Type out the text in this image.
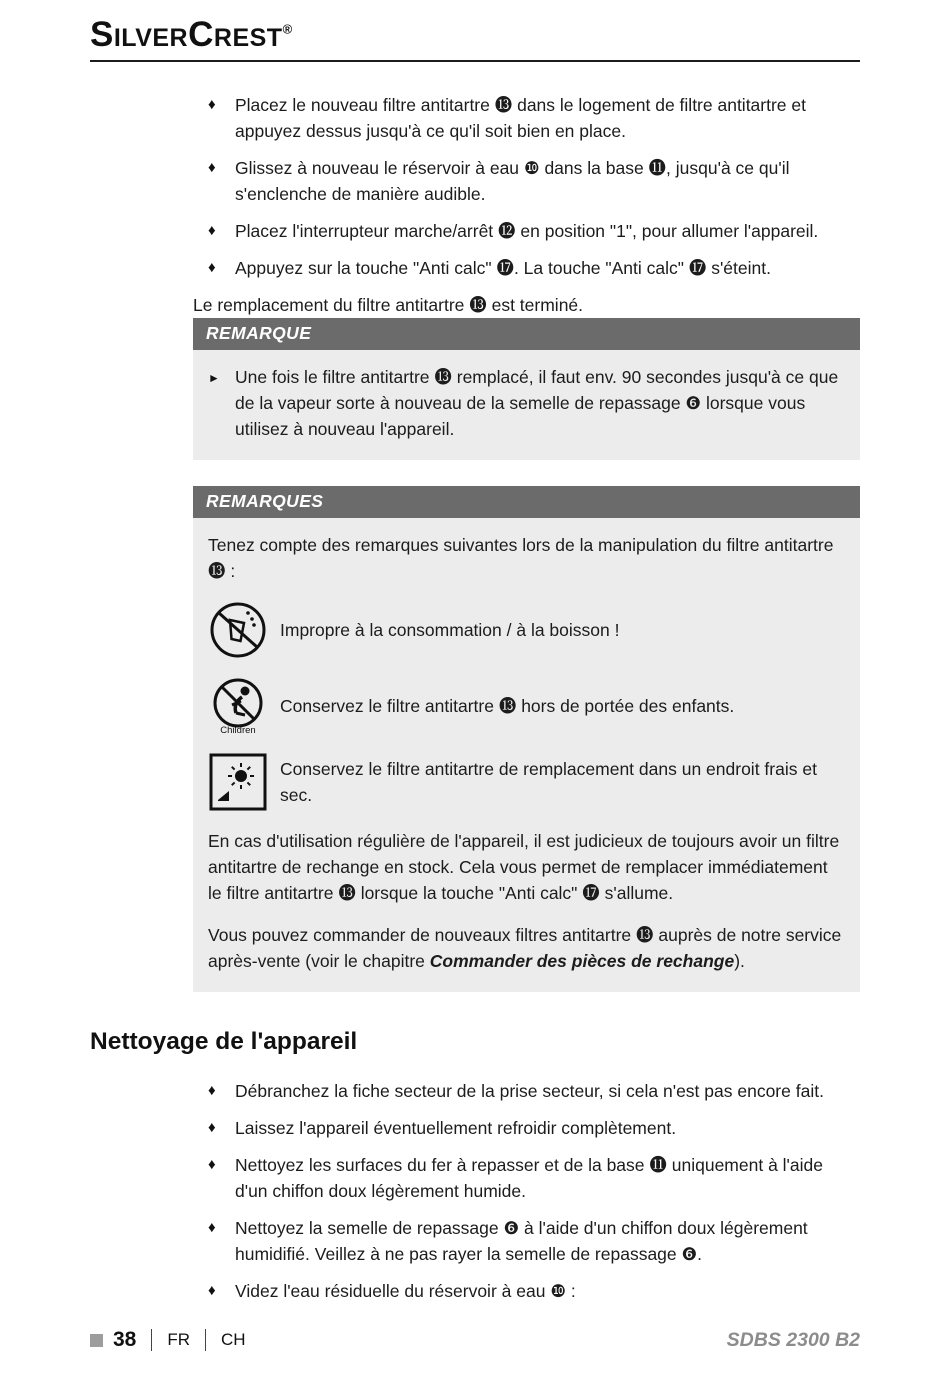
SilverCrest®
♦	Placez le nouveau filtre antitartre ⓭ dans le logement de filtre antitartre et appuyez dessus jusqu'à ce qu'il soit bien en place.

♦	Glissez à nouveau le réservoir à eau ❿ dans la base ⓫, jusqu'à ce qu'il s'enclenche de manière audible.

♦	Placez l'interrupteur marche/arrêt ⓬ en position "1", pour allumer l'appareil.

♦	Appuyez sur la touche "Anti calc" ⓱. La touche "Anti calc" ⓱ s'éteint.

Le remplacement du filtre antitartre ⓭ est terminé.

REMARQUE
► Une fois le filtre antitartre ⓭ remplacé, il faut env. 90 secondes jusqu'à ce que de la vapeur sorte à nouveau de la semelle de repassage ❻ lorsque vous utilisez à nouveau l'appareil.

REMARQUES

Tenez compte des remarques suivantes lors de la manipulation du filtre antitartre ⓭ :

Impropre à la consommation / à la boisson !

Children

Conservez le filtre antitartre ⓭ hors de portée des enfants.

Conservez le filtre antitartre de remplacement dans un endroit frais et sec.

En cas d'utilisation régulière de l'appareil, il est judicieux de toujours avoir un filtre antitartre de rechange en stock. Cela vous permet de remplacer immédiatement le filtre antitartre ⓭ lorsque la touche "Anti calc" ⓱ s'allume.

Vous pouvez commander de nouveaux filtres antitartre ⓭ auprès de notre service après-vente (voir le chapitre Commander des pièces de rechange).

Nettoyage de l'appareil
♦	Débranchez la fiche secteur de la prise secteur, si cela n'est pas encore fait.

♦	Laissez l'appareil éventuellement refroidir complètement.

♦	Nettoyez les surfaces du fer à repasser et de la base ⓫ uniquement à l'aide d'un chiffon doux légèrement humide.

♦	Nettoyez la semelle de repassage ❻ à l'aide d'un chiffon doux légèrement humidifié. Veillez à ne pas rayer la semelle de repassage ❻.

♦	Videz l'eau résiduelle du réservoir à eau ❿ :

38 FR CH	SDBS 2300 B2
